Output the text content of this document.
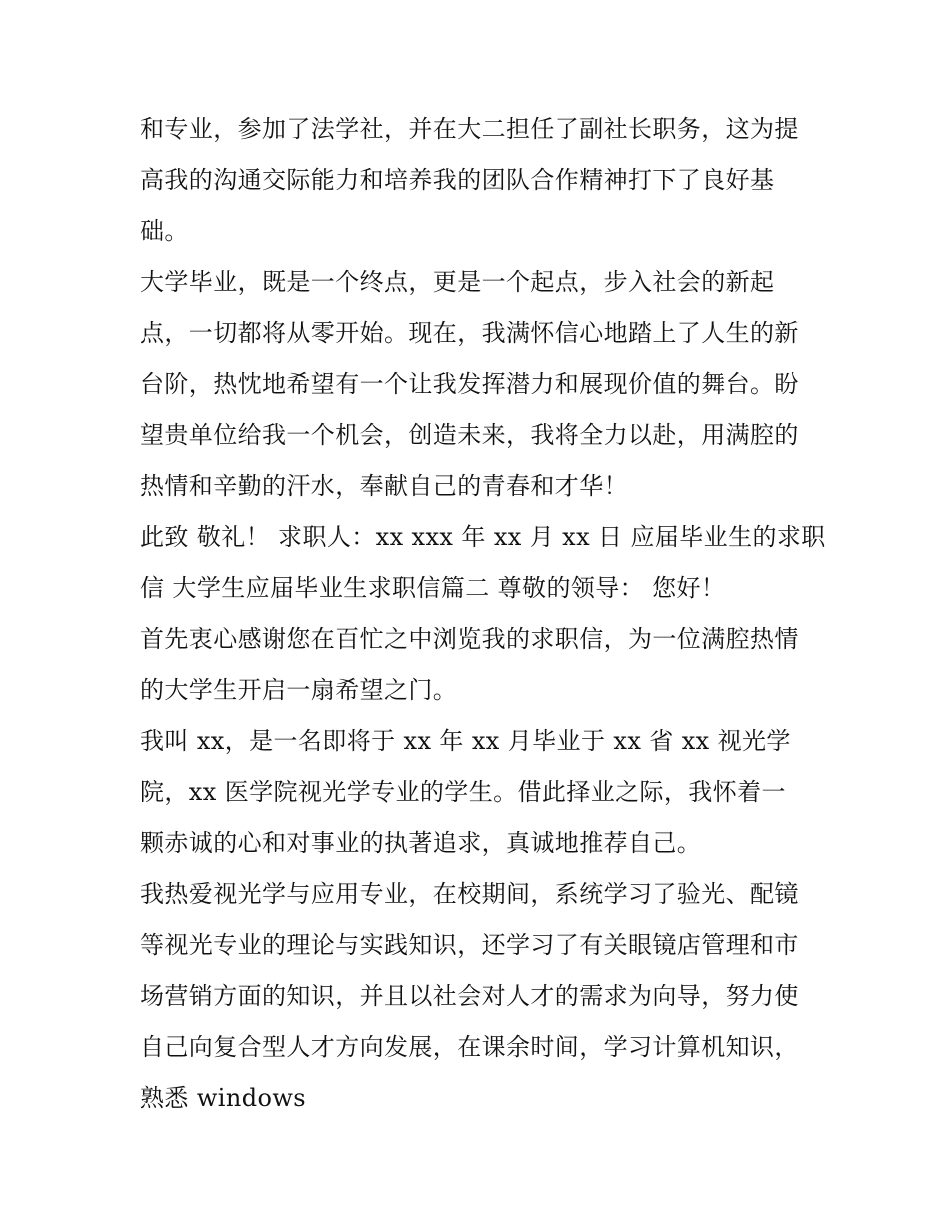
和专业，参加了法学社，并在大二担任了副社长职务，这为提
高我的沟通交际能力和培养我的团队合作精神打下了良好基
础。

大学毕业，既是一个终点，更是一个起点，步入社会的新起
点，一切都将从零开始。现在，我满怀信心地踏上了人生的新
台阶，热忱地希望有一个让我发挥潜力和展现价值的舞台。盼
望贵单位给我一个机会，创造未来，我将全力以赴，用满腔的
热情和辛勤的汗水，奉献自己的青春和才华！

此致 敬礼！ 求职人：xx xxx 年 xx 月 xx 日 应届毕业生的求职
信 大学生应届毕业生求职信篇二 尊敬的领导： 您好！

首先衷心感谢您在百忙之中浏览我的求职信，为一位满腔热情
的大学生开启一扇希望之门。

我叫 xx，是一名即将于 xx 年 xx 月毕业于 xx 省 xx 视光学
院，xx 医学院视光学专业的学生。借此择业之际，我怀着一
颗赤诚的心和对事业的执著追求，真诚地推荐自己。

我热爱视光学与应用专业，在校期间，系统学习了验光、配镜
等视光专业的理论与实践知识，还学习了有关眼镜店管理和市
场营销方面的知识，并且以社会对人才的需求为向导，努力使
自己向复合型人才方向发展，在课余时间，学习计算机知识，
熟悉 windows
